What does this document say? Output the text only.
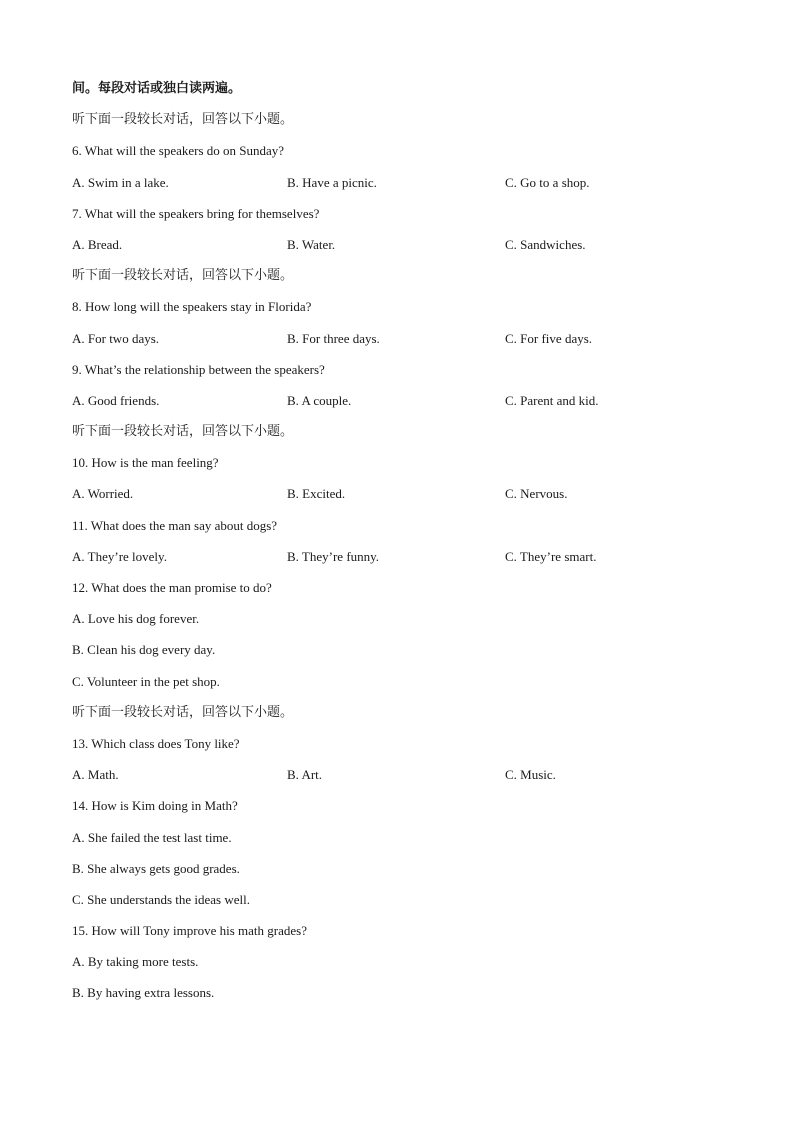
间。每段对话或独白读两遍。
听下面一段较长对话，回答以下小题。
6. What will the speakers do on Sunday?
A. Swim in a lake.	B. Have a picnic.	C. Go to a shop.
7. What will the speakers bring for themselves?
A. Bread.	B. Water.	C. Sandwiches.
听下面一段较长对话，回答以下小题。
8. How long will the speakers stay in Florida?
A. For two days.	B. For three days.	C. For five days.
9. What’s the relationship between the speakers?
A. Good friends.	B. A couple.	C. Parent and kid.
听下面一段较长对话，回答以下小题。
10. How is the man feeling?
A. Worried.	B. Excited.	C. Nervous.
11. What does the man say about dogs?
A. They’re lovely.	B. They’re funny.	C. They’re smart.
12. What does the man promise to do?
A. Love his dog forever.
B. Clean his dog every day.
C. Volunteer in the pet shop.
听下面一段较长对话，回答以下小题。
13. Which class does Tony like?
A. Math.	B. Art.	C. Music.
14. How is Kim doing in Math?
A. She failed the test last time.
B. She always gets good grades.
C. She understands the ideas well.
15. How will Tony improve his math grades?
A. By taking more tests.
B. By having extra lessons.
